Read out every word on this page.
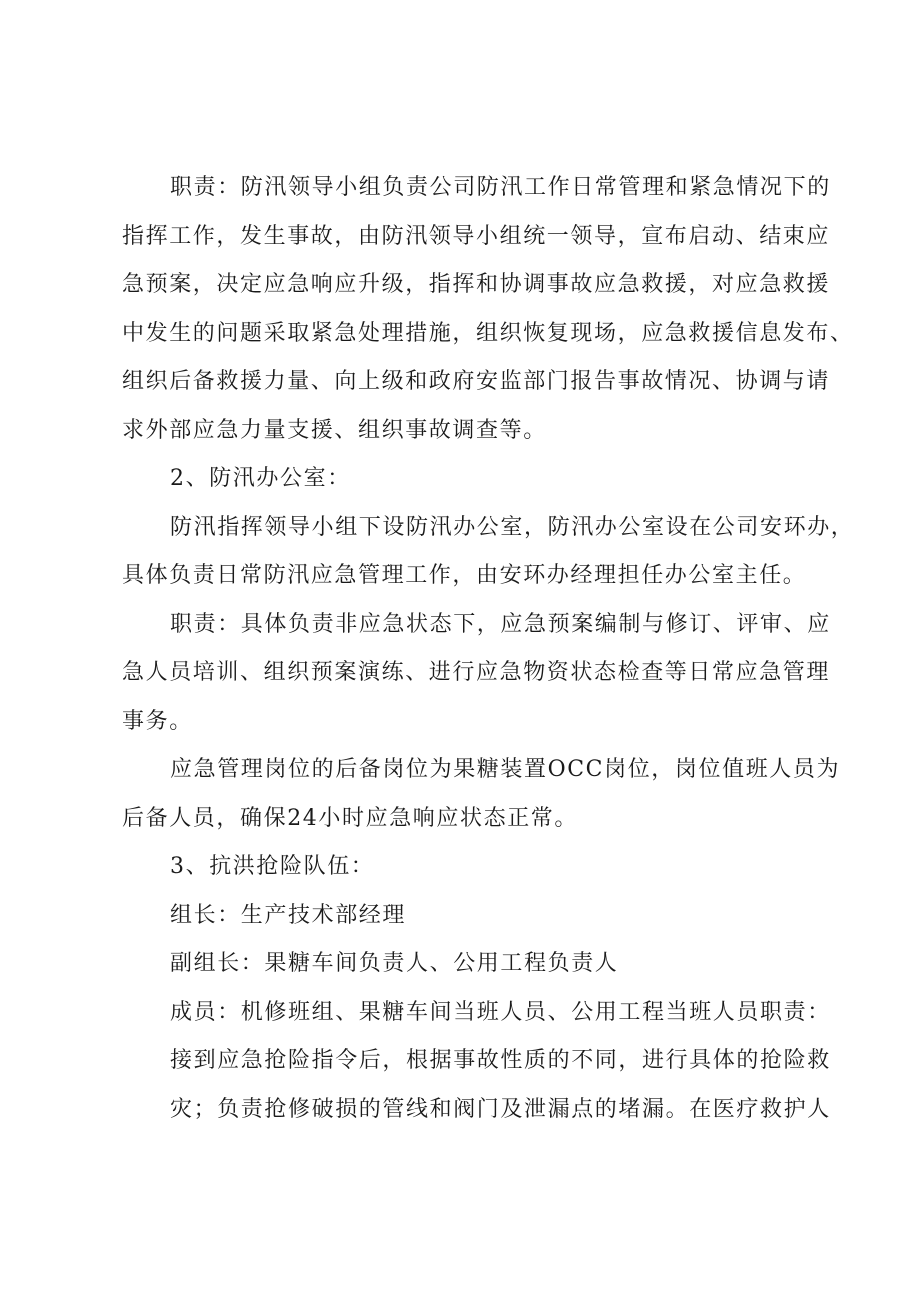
职责：防汛领导小组负责公司防汛工作日常管理和紧急情况下的
指挥工作，发生事故，由防汛领导小组统一领导，宣布启动、结束应
急预案，决定应急响应升级，指挥和协调事故应急救援，对应急救援
中发生的问题采取紧急处理措施，组织恢复现场，应急救援信息发布、
组织后备救援力量、向上级和政府安监部门报告事故情况、协调与请
求外部应急力量支援、组织事故调查等。
2、防汛办公室：
防汛指挥领导小组下设防汛办公室，防汛办公室设在公司安环办，
具体负责日常防汛应急管理工作，由安环办经理担任办公室主任。
职责：具体负责非应急状态下，应急预案编制与修订、评审、应
急人员培训、组织预案演练、进行应急物资状态检查等日常应急管理
事务。
应急管理岗位的后备岗位为果糖装置OCC岗位，岗位值班人员为
后备人员，确保24小时应急响应状态正常。
3、抗洪抢险队伍：
组长：生产技术部经理
副组长：果糖车间负责人、公用工程负责人
成员：机修班组、果糖车间当班人员、公用工程当班人员职责：
接到应急抢险指令后，根据事故性质的不同，进行具体的抢险救
灾；负责抢修破损的管线和阀门及泄漏点的堵漏。在医疗救护人
